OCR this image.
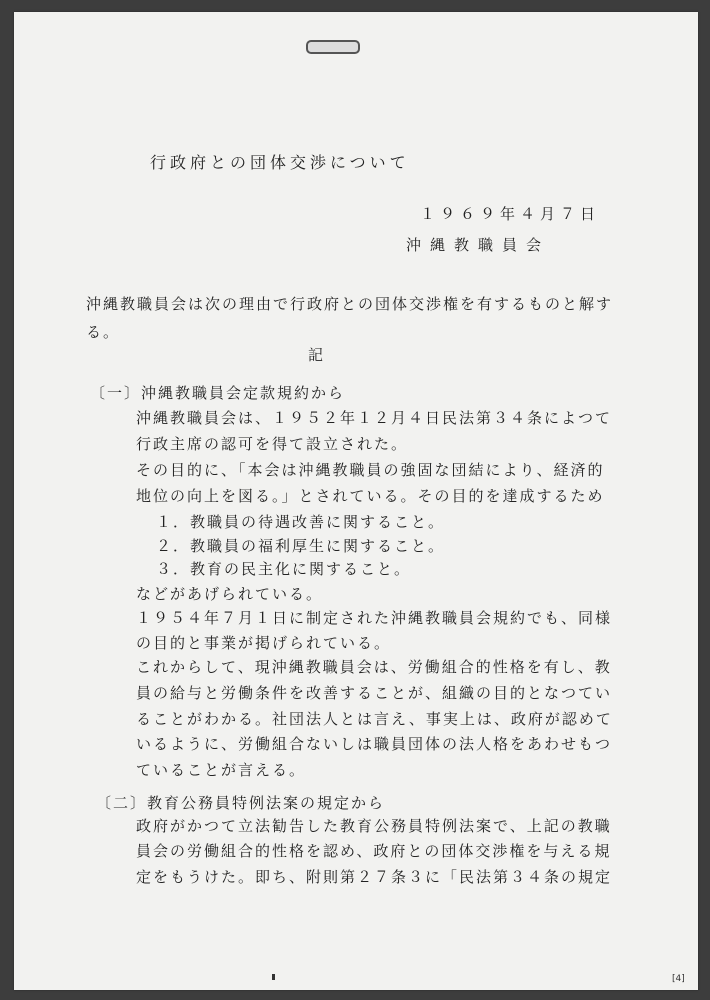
行政府との団体交渉について
１９６９年４月７日
沖縄教職員会
沖縄教職員会は次の理由で行政府との団体交渉権を有するものと解す
る。
記
〔一〕沖縄教職員会定款規約から
沖縄教職員会は、１９５２年１２月４日民法第３４条によつて
行政主席の認可を得て設立された。
その目的に、「本会は沖縄教職員の強固な団結により、経済的
地位の向上を図る。」とされている。その目的を達成するため
１．教職員の待遇改善に関すること。
２．教職員の福利厚生に関すること。
３．教育の民主化に関すること。
などがあげられている。
１９５４年７月１日に制定された沖縄教職員会規約でも、同様
の目的と事業が掲げられている。
これからして、現沖縄教職員会は、労働組合的性格を有し、教
員の給与と労働条件を改善することが、組織の目的となつてい
ることがわかる。社団法人とは言え、事実上は、政府が認めて
いるように、労働組合ないしは職員団体の法人格をあわせもつ
ていることが言える。
〔二〕教育公務員特例法案の規定から
政府がかつて立法勧告した教育公務員特例法案で、上記の教職
員会の労働組合的性格を認め、政府との団体交渉権を与える規
定をもうけた。即ち、附則第２７条３に「民法第３４条の規定
[4]
